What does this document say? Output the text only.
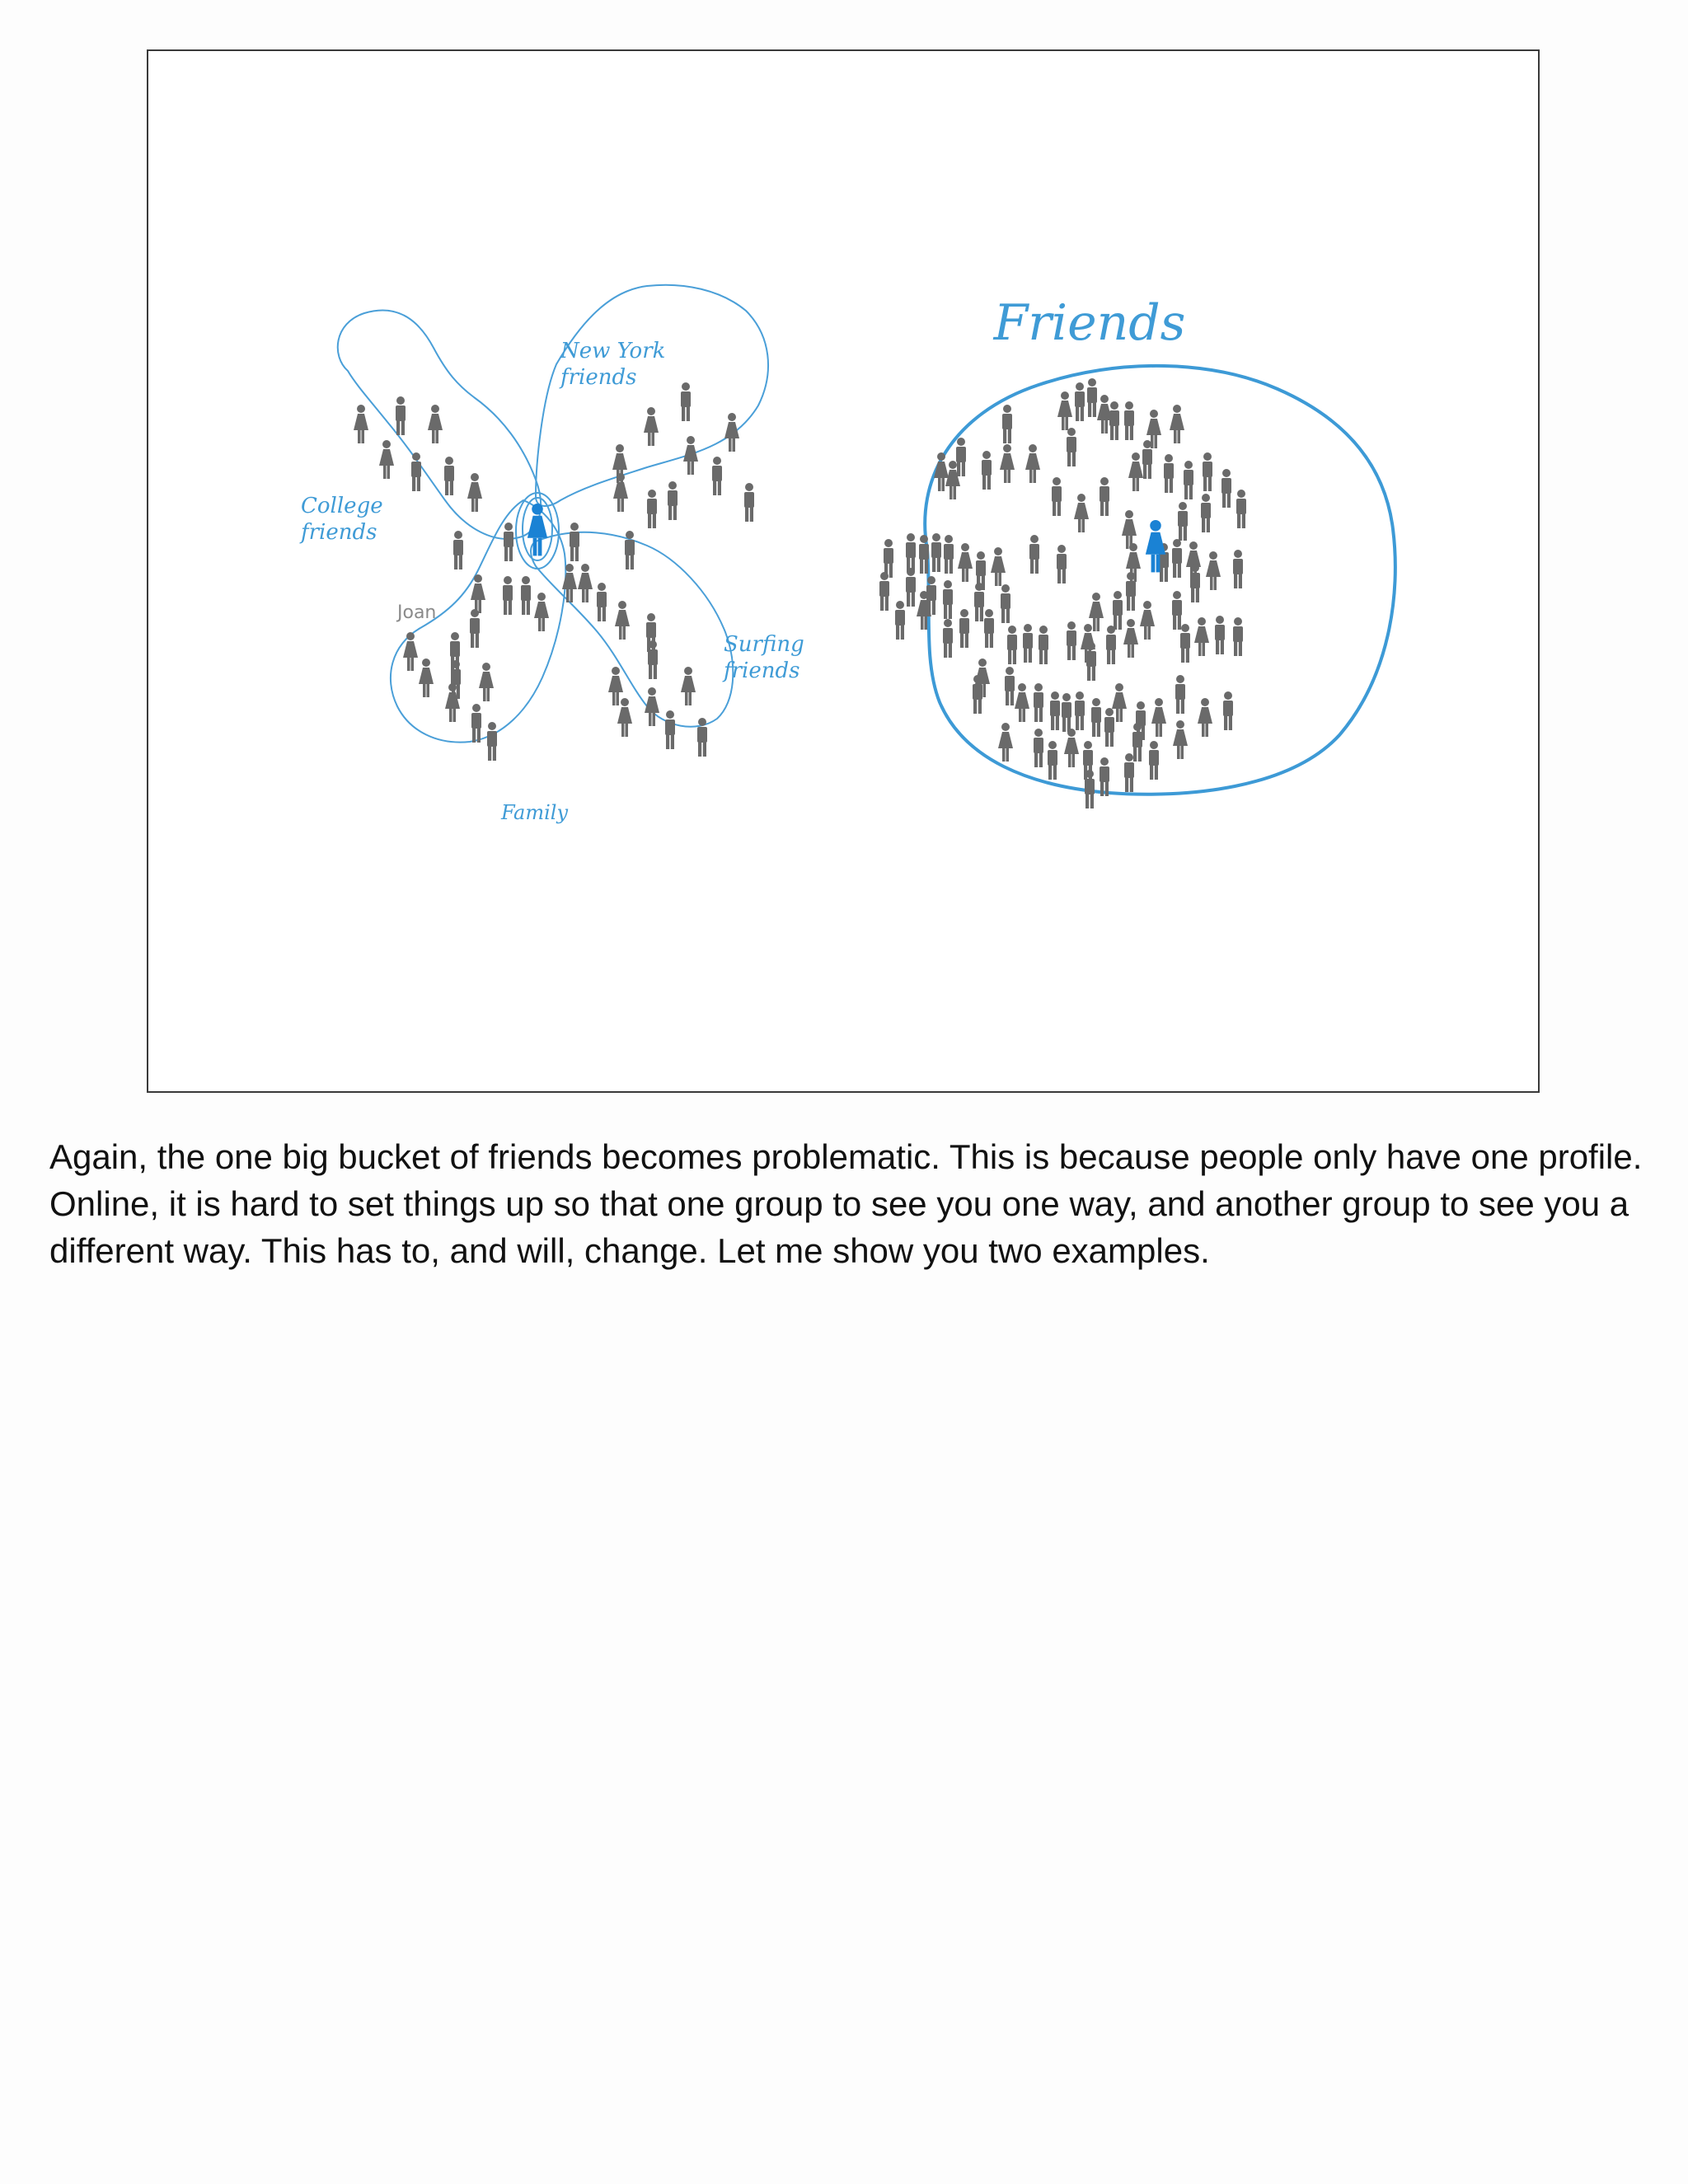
New York
friends
College
friends
Surfing
friends
Family
Joan
Friends

Again, the one big bucket of friends becomes problematic. This is because people only have one profile. Online, it is hard to set things up so that one group to see you one way, and another group to see you a different way. This has to, and will, change. Let me show you two examples.
